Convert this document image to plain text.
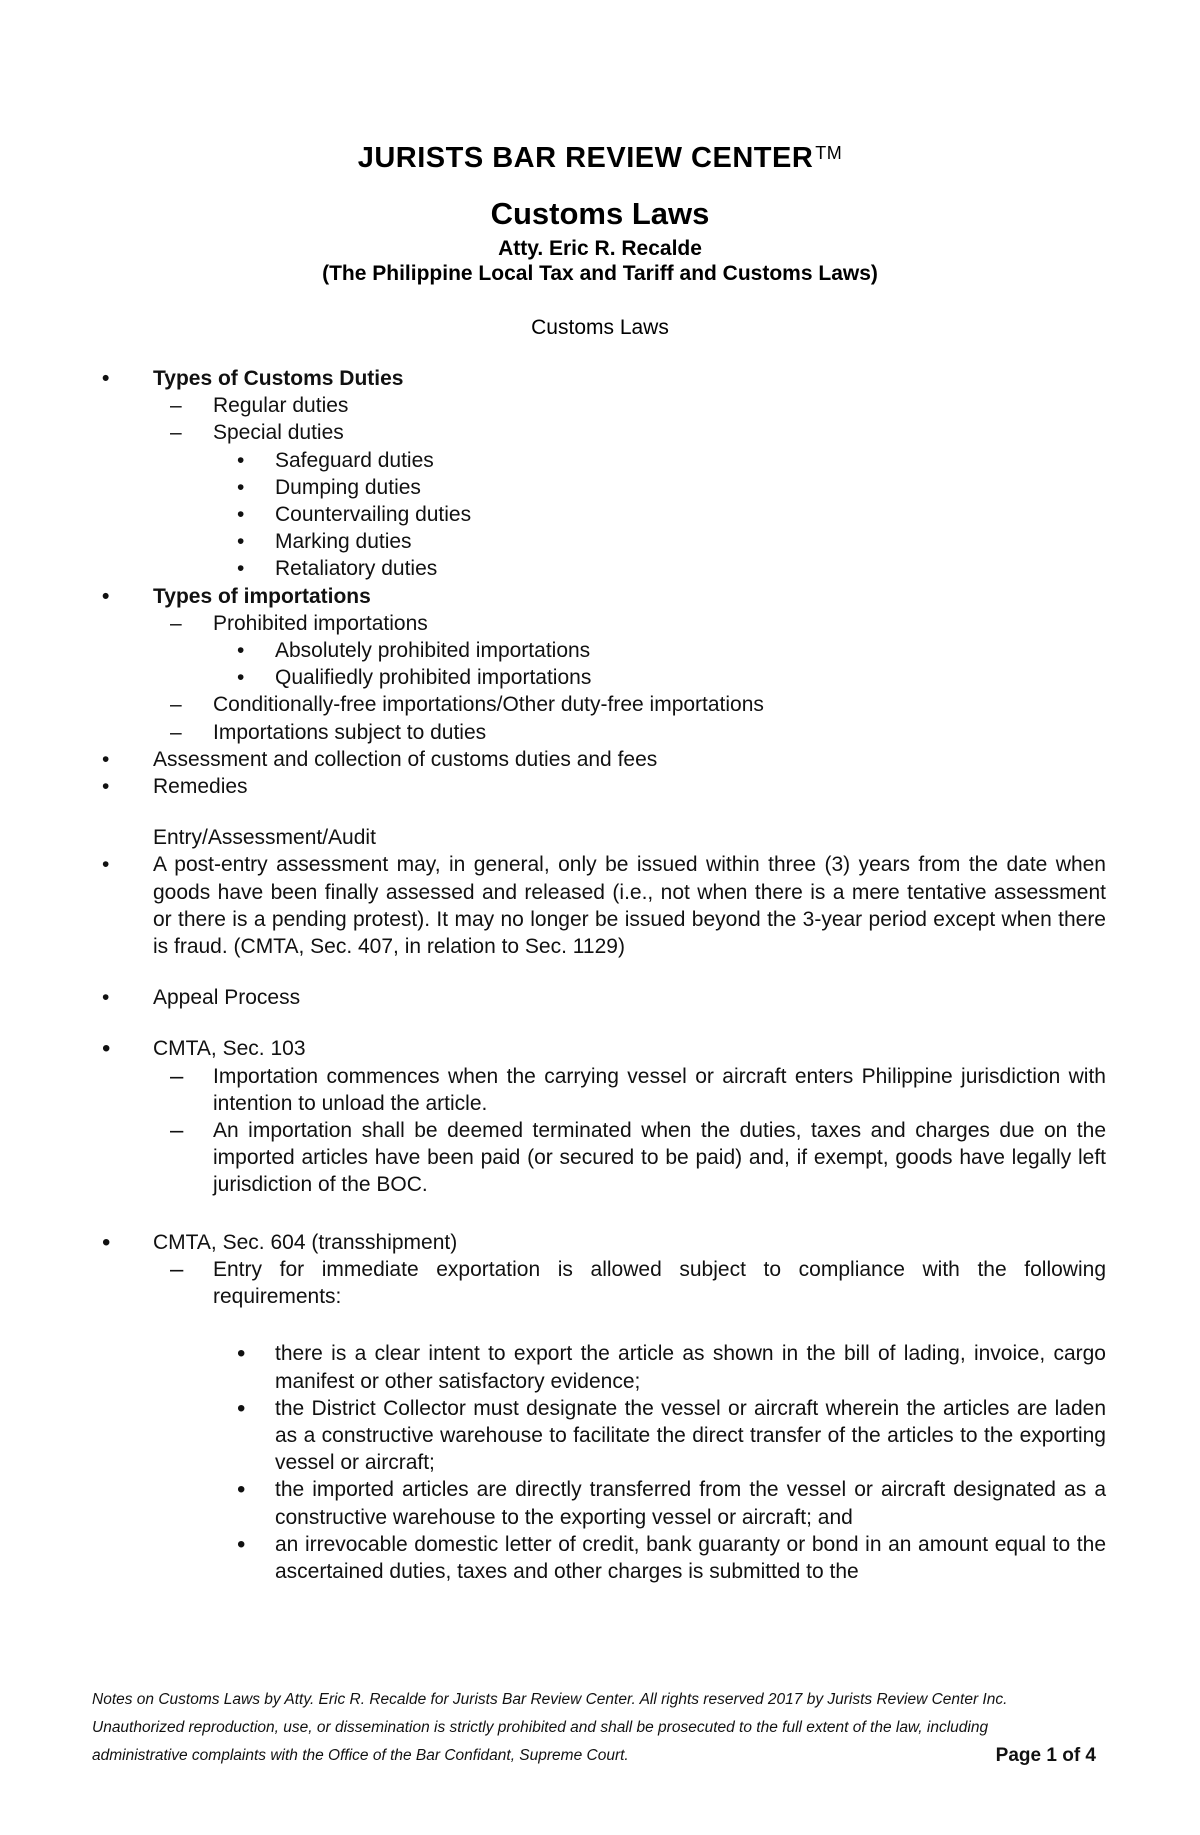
JURISTS BAR REVIEW CENTER ™
Customs Laws
Atty. Eric R. Recalde
(The Philippine Local Tax and Tariff and Customs Laws)
Customs Laws
•	Types of Customs Duties
– Regular duties
– Special duties
• Safeguard duties
• Dumping duties
• Countervailing duties
• Marking duties
• Retaliatory duties
•	Types of importations
– Prohibited importations
• Absolutely prohibited importations
• Qualifiedly prohibited importations
– Conditionally-free importations/Other duty-free importations
– Importations subject to duties
•	Assessment and collection of customs duties and fees
•	Remedies
Entry/Assessment/Audit
•	A post-entry assessment may, in general, only be issued within three (3) years from the date when goods have been finally assessed and released (i.e., not when there is a mere tentative assessment or there is a pending protest). It may no longer be issued beyond the 3-year period except when there is fraud. (CMTA, Sec. 407, in relation to Sec. 1129)
•	Appeal Process
•	CMTA, Sec. 103
– Importation commences when the carrying vessel or aircraft enters Philippine jurisdiction with intention to unload the article.
– An importation shall be deemed terminated when the duties, taxes and charges due on the imported articles have been paid (or secured to be paid) and, if exempt, goods have legally left jurisdiction of the BOC.
•	CMTA, Sec. 604 (transshipment)
– Entry for immediate exportation is allowed subject to compliance with the following requirements:
• there is a clear intent to export the article as shown in the bill of lading, invoice, cargo manifest or other satisfactory evidence;
• the District Collector must designate the vessel or aircraft wherein the articles are laden as a constructive warehouse to facilitate the direct transfer of the articles to the exporting vessel or aircraft;
• the imported articles are directly transferred from the vessel or aircraft designated as a constructive warehouse to the exporting vessel or aircraft; and
• an irrevocable domestic letter of credit, bank guaranty or bond in an amount equal to the ascertained duties, taxes and other charges is submitted to the
Notes on Customs Laws by Atty. Eric R. Recalde for Jurists Bar Review Center. All rights reserved 2017 by Jurists Review Center Inc.
Unauthorized reproduction, use, or dissemination is strictly prohibited and shall be prosecuted to the full extent of the law, including
administrative complaints with the Office of the Bar Confidant, Supreme Court.	Page 1 of 4
